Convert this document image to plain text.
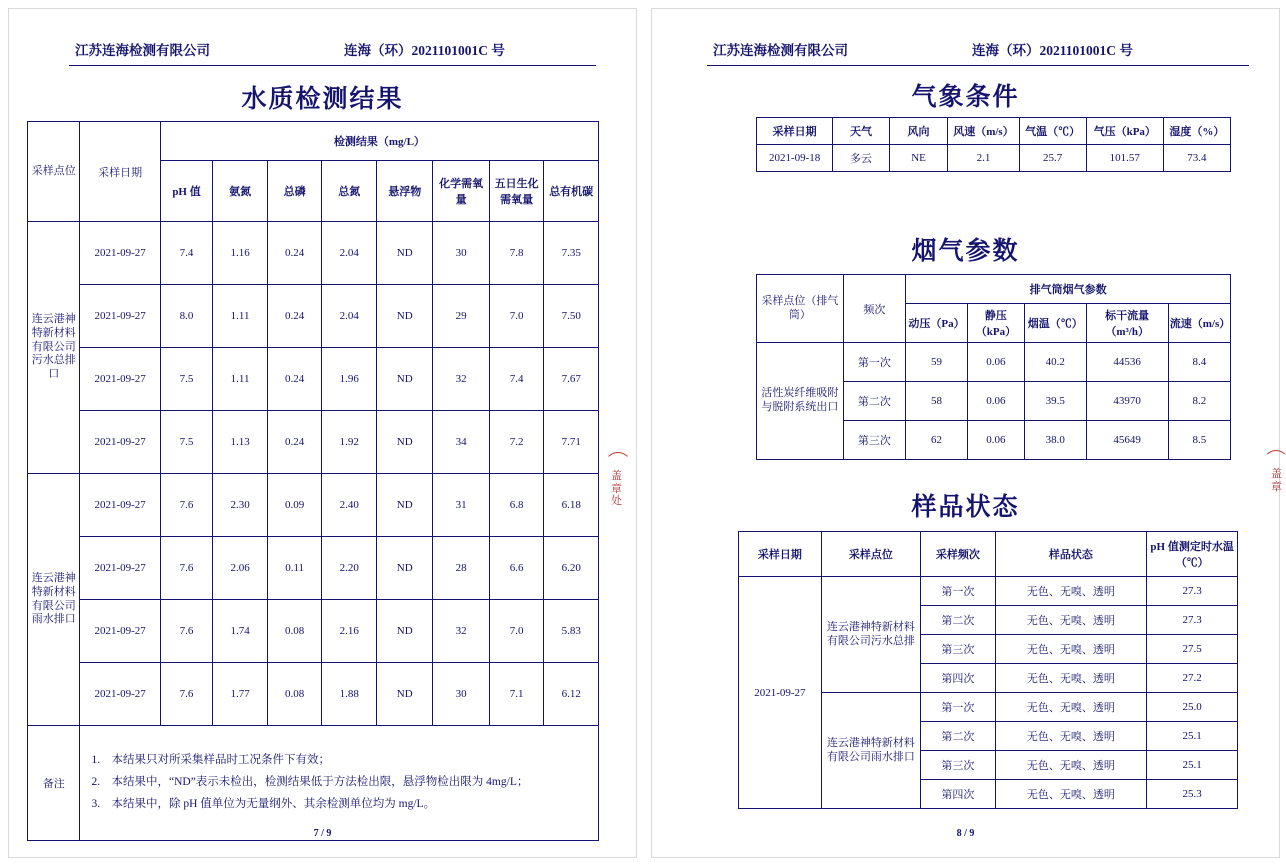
江苏连海检测有限公司	连海（环）2021101001C 号
水质检测结果
采样点位	采样日期	检测结果（mg/L）							
		pH 值	氨氮	总磷	总氮	悬浮物	化学需氧量	五日生化需氧量	总有机碳
连云港神特新材料有限公司污水总排口	2021-09-27	7.4	1.16	0.24	2.04	ND	30	7.8	7.35
	2021-09-27	8.0	1.11	0.24	2.04	ND	29	7.0	7.50
	2021-09-27	7.5	1.11	0.24	1.96	ND	32	7.4	7.67
	2021-09-27	7.5	1.13	0.24	1.92	ND	34	7.2	7.71
连云港神特新材料有限公司雨水排口	2021-09-27	7.6	2.30	0.09	2.40	ND	31	6.8	6.18
	2021-09-27	7.6	2.06	0.11	2.20	ND	28	6.6	6.20
	2021-09-27	7.6	1.74	0.08	2.16	ND	32	7.0	5.83
	2021-09-27	7.6	1.77	0.08	1.88	ND	30	7.1	6.12
备注	1. 本结果只对所采集样品时工况条件下有效；
2. 本结果中，“ND”表示未检出，检测结果低于方法检出限，悬浮物检出限为 4mg/L；
3. 本结果中，除 pH 值单位为无量纲外、其余检测单位均为 mg/L。								
7 / 9
盖章处
江苏连海检测有限公司	连海（环）2021101001C 号
气象条件
采样日期	天气	风向	风速（m/s）	气温（℃）	气压（kPa）	湿度（%）
2021-09-18	多云	NE	2.1	25.7	101.57	73.4
烟气参数
采样点位（排气筒）	频次	排气筒烟气参数				
		动压（Pa）	静压（kPa）	烟温（℃）	标干流量（m³/h）	流速（m/s）
活性炭纤维吸附与脱附系统出口	第一次	59	0.06	40.2	44536	8.4
	第二次	58	0.06	39.5	43970	8.2
	第三次	62	0.06	38.0	45649	8.5
样品状态
采样日期	采样点位	采样频次	样品状态	pH 值测定时水温（℃）
2021-09-27	连云港神特新材料有限公司污水总排	第一次	无色、无嗅、透明	27.3
		第二次	无色、无嗅、透明	27.3
		第三次	无色、无嗅、透明	27.5
		第四次	无色、无嗅、透明	27.2
	连云港神特新材料有限公司雨水排口	第一次	无色、无嗅、透明	25.0
		第二次	无色、无嗅、透明	25.1
		第三次	无色、无嗅、透明	25.1
		第四次	无色、无嗅、透明	25.3
8 / 9
盖章
